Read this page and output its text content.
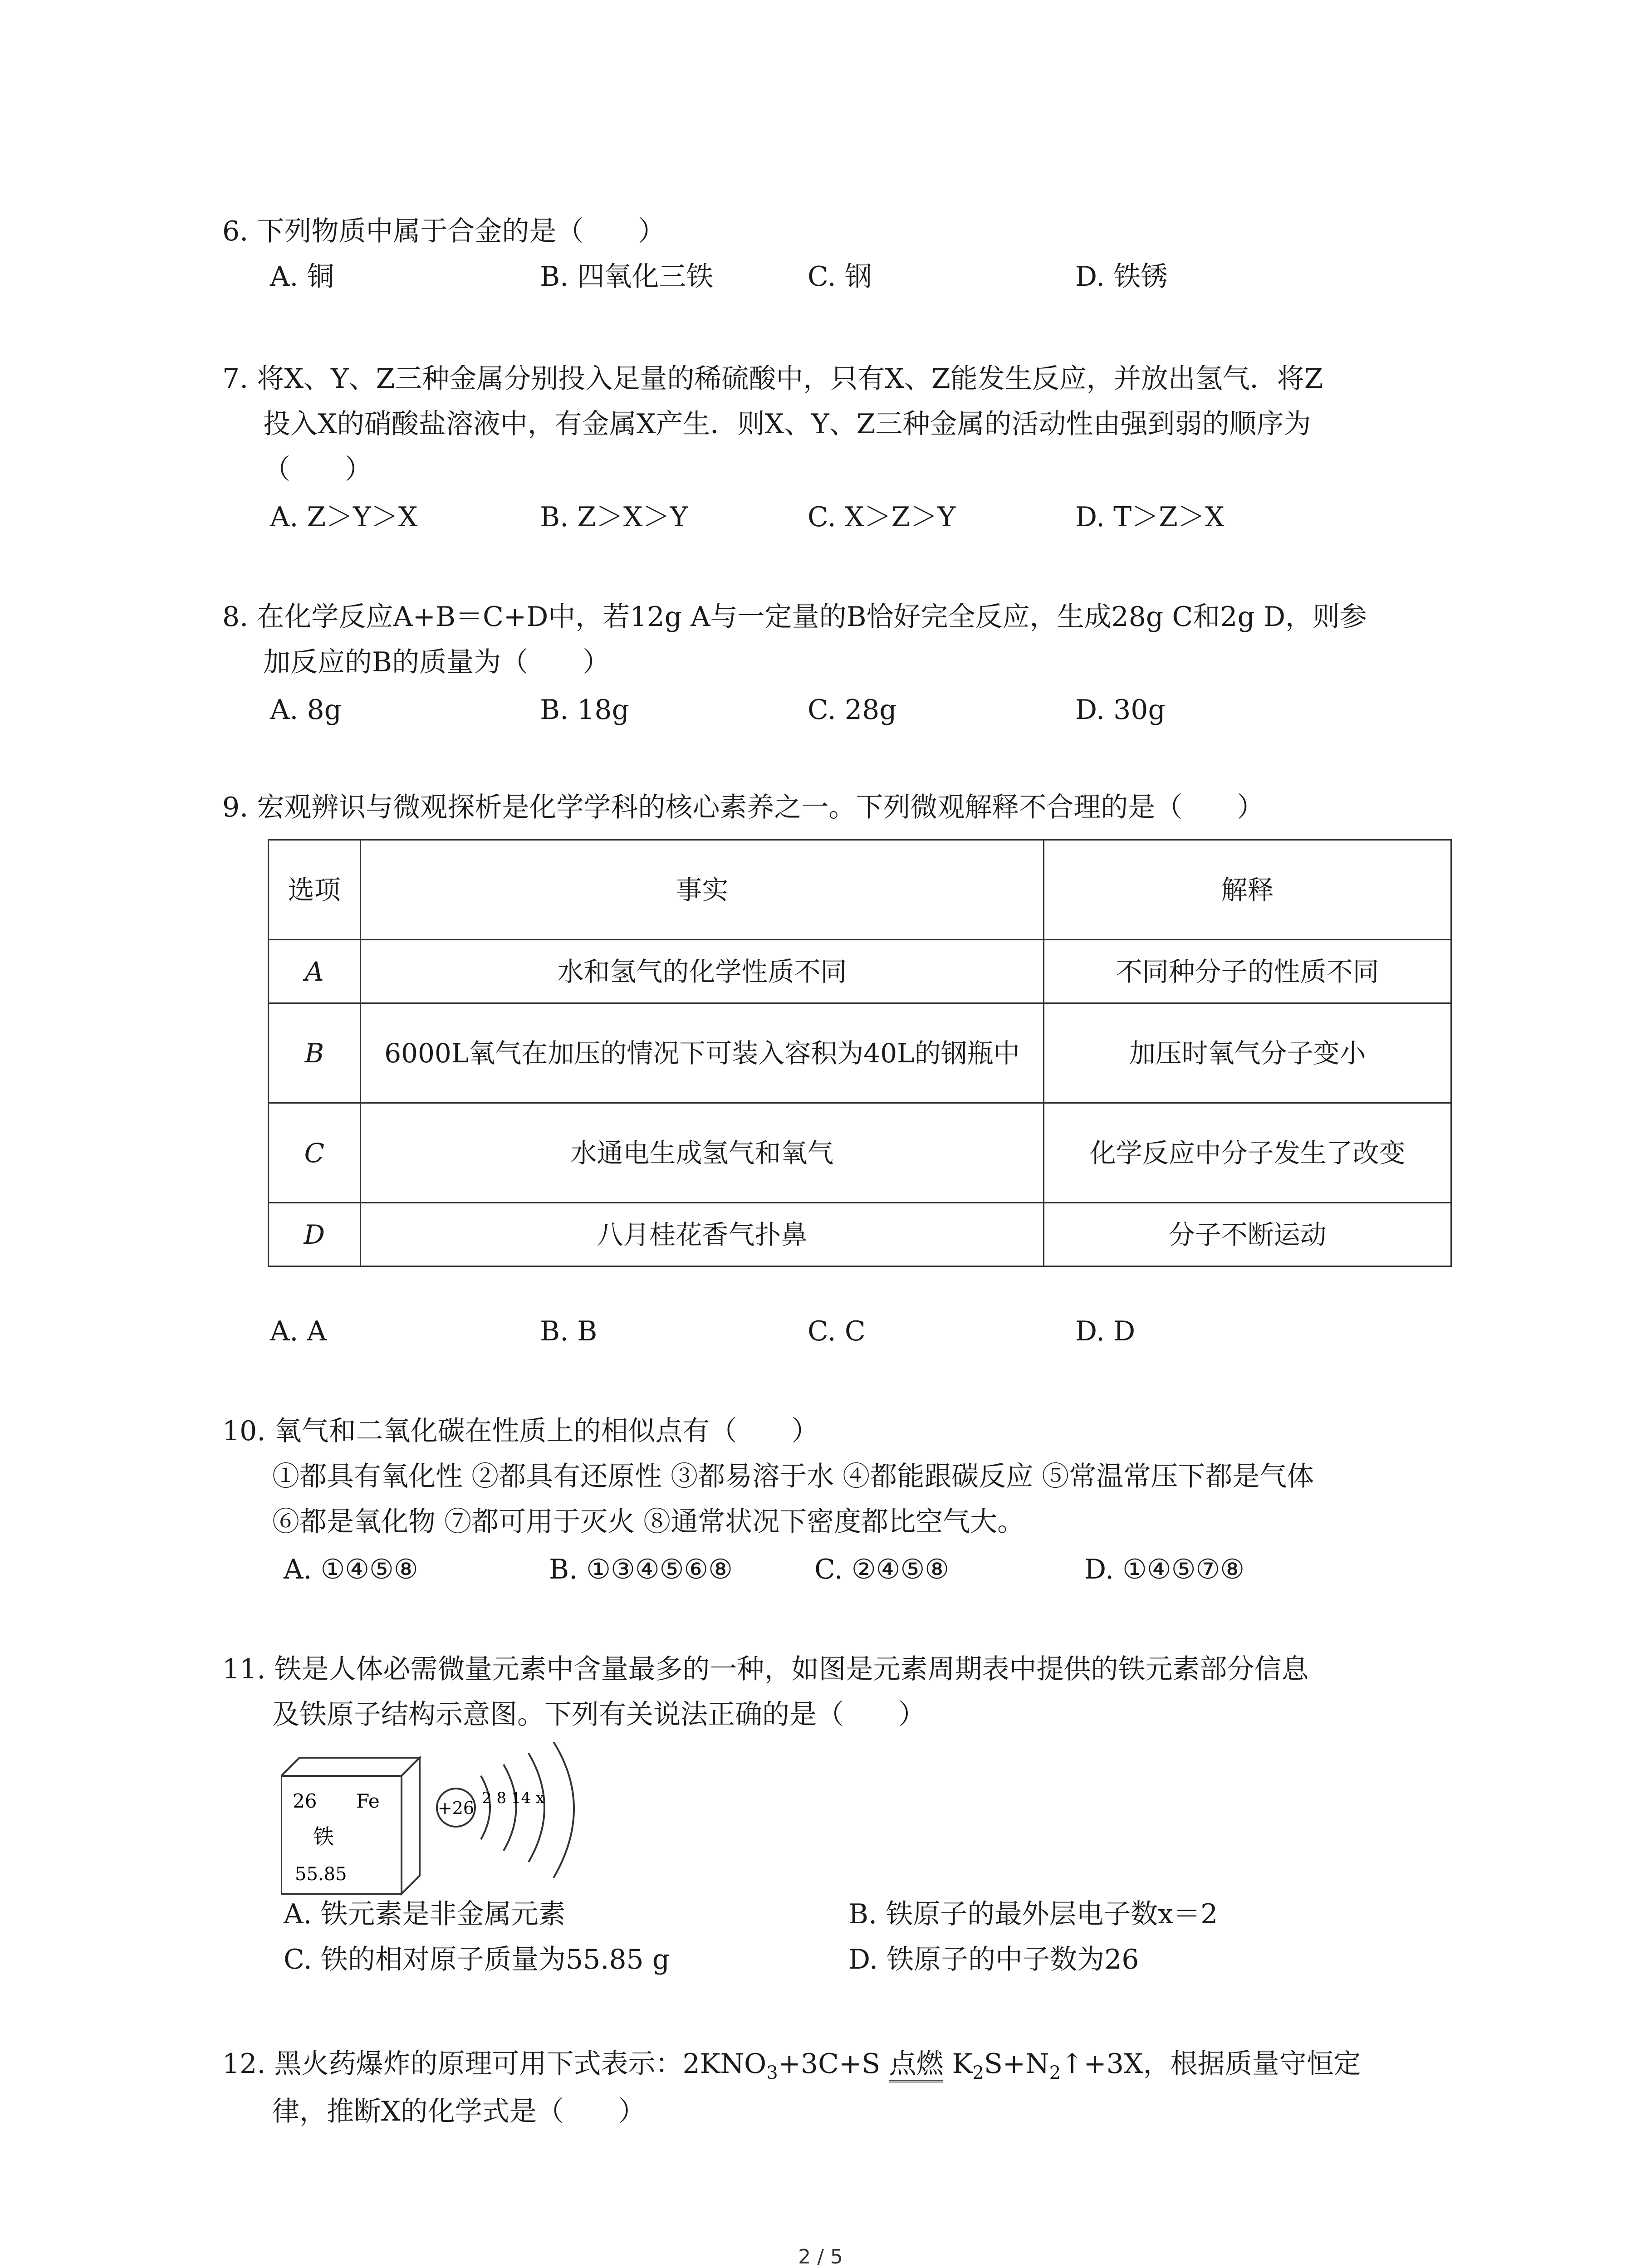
6. 下列物质中属于合金的是（　　）
A. 铜	B. 四氧化三铁	C. 钢	D. 铁锈
7. 将X、Y、Z三种金属分别投入足量的稀硫酸中，只有X、Z能发生反应，并放出氢气．将Z
投入X的硝酸盐溶液中，有金属X产生．则X、Y、Z三种金属的活动性由强到弱的顺序为
（　　）
A. Z＞Y＞X	B. Z＞X＞Y	C. X＞Z＞Y	D. T＞Z＞X
8. 在化学反应A+B＝C+D中，若12g A与一定量的B恰好完全反应，生成28g C和2g D，则参
加反应的B的质量为（　　）
A. 8g	B. 18g	C. 28g	D. 30g
9. 宏观辨识与微观探析是化学学科的核心素养之一。下列微观解释不合理的是（　　）
选项	事实	解释
A	水和氢气的化学性质不同	不同种分子的性质不同
B	6000L氧气在加压的情况下可装入容积为40L的钢瓶中	加压时氧气分子变小
C	水通电生成氢气和氧气	化学反应中分子发生了改变
D	八月桂花香气扑鼻	分子不断运动
A. A	B. B	C. C	D. D
10. 氧气和二氧化碳在性质上的相似点有（　　）
①都具有氧化性 ②都具有还原性 ③都易溶于水 ④都能跟碳反应 ⑤常温常压下都是气体
⑥都是氧化物 ⑦都可用于灭火 ⑧通常状况下密度都比空气大。
A. ①④⑤⑧	B. ①③④⑤⑥⑧	C. ②④⑤⑧	D. ①④⑤⑦⑧
11. 铁是人体必需微量元素中含量最多的一种，如图是元素周期表中提供的铁元素部分信息
及铁原子结构示意图。下列有关说法正确的是（　　）
26 Fe
铁
55.85
+26 2 8 14 x
A. 铁元素是非金属元素	B. 铁原子的最外层电子数x＝2
C. 铁的相对原子质量为55.85 g	D. 铁原子的中子数为26
12. 黑火药爆炸的原理可用下式表示：$2KNO_3+3C+S$ 点燃 $K_2S+N_2↑+3X$，根据质量守恒定
律，推断X的化学式是（　　）
2 / 5
